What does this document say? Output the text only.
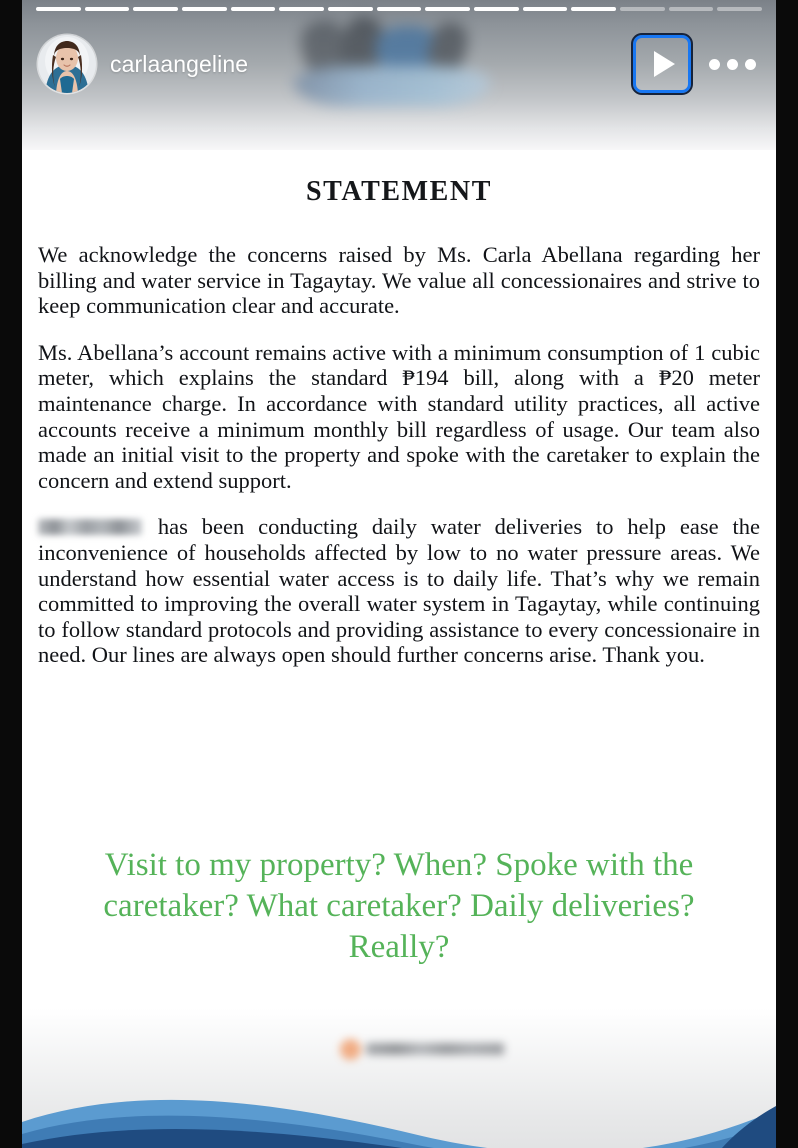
carlaangeline
STATEMENT

We acknowledge the concerns raised by Ms. Carla Abellana regarding her billing and water service in Tagaytay. We value all concessionaires and strive to keep communication clear and accurate.

Ms. Abellana’s account remains active with a minimum consumption of 1 cubic meter, which explains the standard ₱194 bill, along with a ₱20 meter maintenance charge. In accordance with standard utility practices, all active accounts receive a minimum monthly bill regardless of usage. Our team also made an initial visit to the property and spoke with the caretaker to explain the concern and extend support.

has been conducting daily water deliveries to help ease the inconvenience of households affected by low to no water pressure areas. We understand how essential water access is to daily life. That’s why we remain committed to improving the overall water system in Tagaytay, while continuing to follow standard protocols and providing assistance to every concessionaire in need. Our lines are always open should further concerns arise. Thank you.

Visit to my property? When? Spoke with the caretaker? What caretaker? Daily deliveries? Really?
